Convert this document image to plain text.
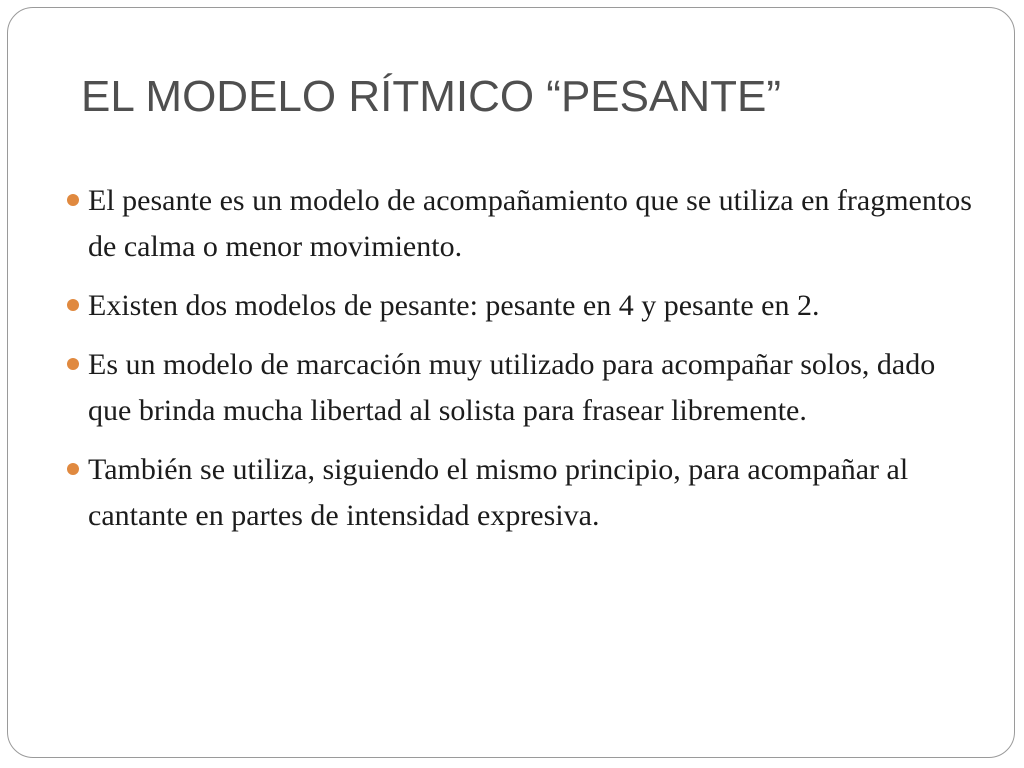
EL MODELO RÍTMICO “PESANTE”
El pesante es un modelo de acompañamiento que se utiliza en fragmentos de calma o menor movimiento.
Existen dos modelos de pesante: pesante en 4 y pesante en 2.
Es un modelo de marcación muy utilizado para acompañar solos, dado que brinda mucha libertad al solista para frasear libremente.
También se utiliza, siguiendo el mismo principio, para acompañar al cantante en partes de intensidad expresiva.
